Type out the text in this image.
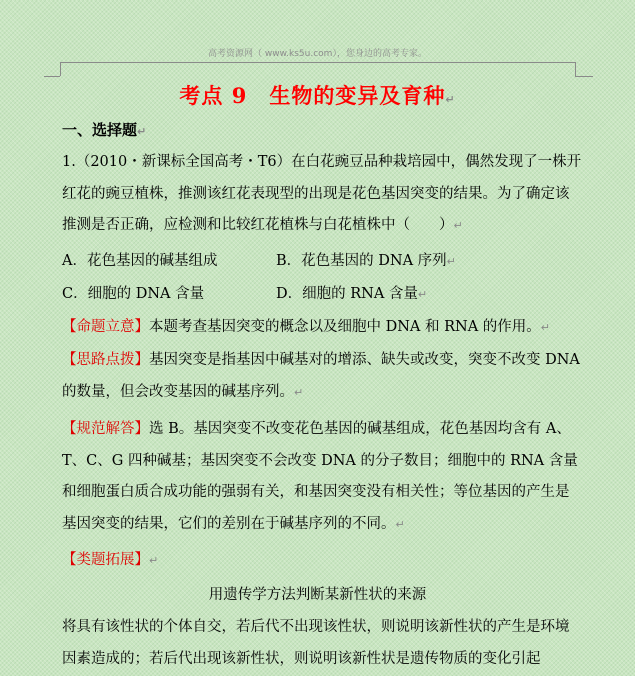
高考资源网（ www.ks5u.com），您身边的高考专家。
考点 9　生物的变异及育种↵
一、选择题↵
1.（2010・新课标全国高考・T6）在白花豌豆品种栽培园中，偶然发现了一株开红花的豌豆植株，推测该红花表现型的出现是花色基因突变的结果。为了确定该推测是否正确，应检测和比较红花植株与白花植株中（　　）↵
A．花色基因的碱基组成	B．花色基因的 DNA 序列↵
C．细胞的 DNA 含量	D．细胞的 RNA 含量↵
【命题立意】本题考查基因突变的概念以及细胞中 DNA 和 RNA 的作用。↵
【思路点拨】基因突变是指基因中碱基对的增添、缺失或改变，突变不改变 DNA 的数量，但会改变基因的碱基序列。↵
【规范解答】选 B。基因突变不改变花色基因的碱基组成，花色基因均含有 A、T、C、G 四种碱基；基因突变不会改变 DNA 的分子数目；细胞中的 RNA 含量和细胞蛋白质合成功能的强弱有关，和基因突变没有相关性；等位基因的产生是基因突变的结果，它们的差别在于碱基序列的不同。↵
【类题拓展】↵
用遗传学方法判断某新性状的来源
将具有该性状的个体自交，若后代不出现该性状，则说明该新性状的产生是环境因素造成的；若后代出现该新性状，则说明该新性状是遗传物质的变化引起
